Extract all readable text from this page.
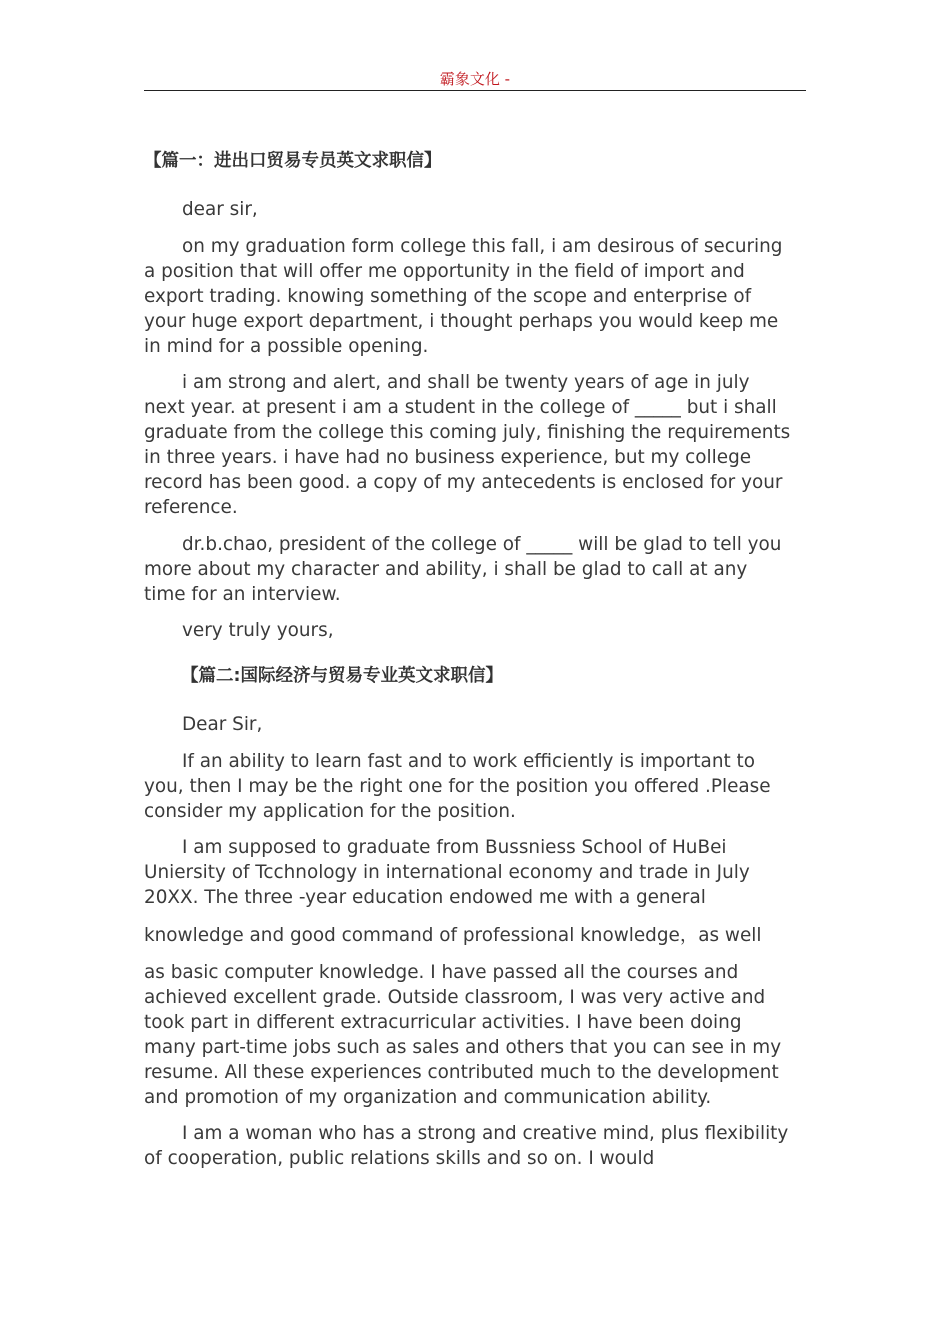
霸象文化 -
【篇一：进出口贸易专员英文求职信】

dear sir,

on my graduation form college this fall, i am desirous of securing a position that will offer me opportunity in the field of import and export trading. knowing something of the scope and enterprise of your huge export department, i thought perhaps you would keep me in mind for a possible opening.

i am strong and alert, and shall be twenty years of age in july next year. at present i am a student in the college of _____ but i shall graduate from the college this coming july, finishing the requirements in three years. i have had no business experience, but my college record has been good. a copy of my antecedents is enclosed for your reference.

dr.b.chao, president of the college of _____ will be glad to tell you more about my character and ability, i shall be glad to call at any time for an interview.

very truly yours,

【篇二:国际经济与贸易专业英文求职信】

Dear Sir,

If an ability to learn fast and to work efficiently is important to you, then I may be the right one for the position you offered .Please consider my application for the position.

I am supposed to graduate from Bussniess School of HuBei Uniersity of Tcchnology in international economy and trade in July 20XX. The three -year education endowed me with a general

knowledge and good command of professional knowledge，as well

as basic computer knowledge. I have passed all the courses and achieved excellent grade. Outside classroom, I was very active and took part in different extracurricular activities. I have been doing many part-time jobs such as sales and others that you can see in my resume. All these experiences contributed much to the development and promotion of my organization and communication ability.

I am a woman who has a strong and creative mind, plus flexibility of cooperation, public relations skills and so on. I would
